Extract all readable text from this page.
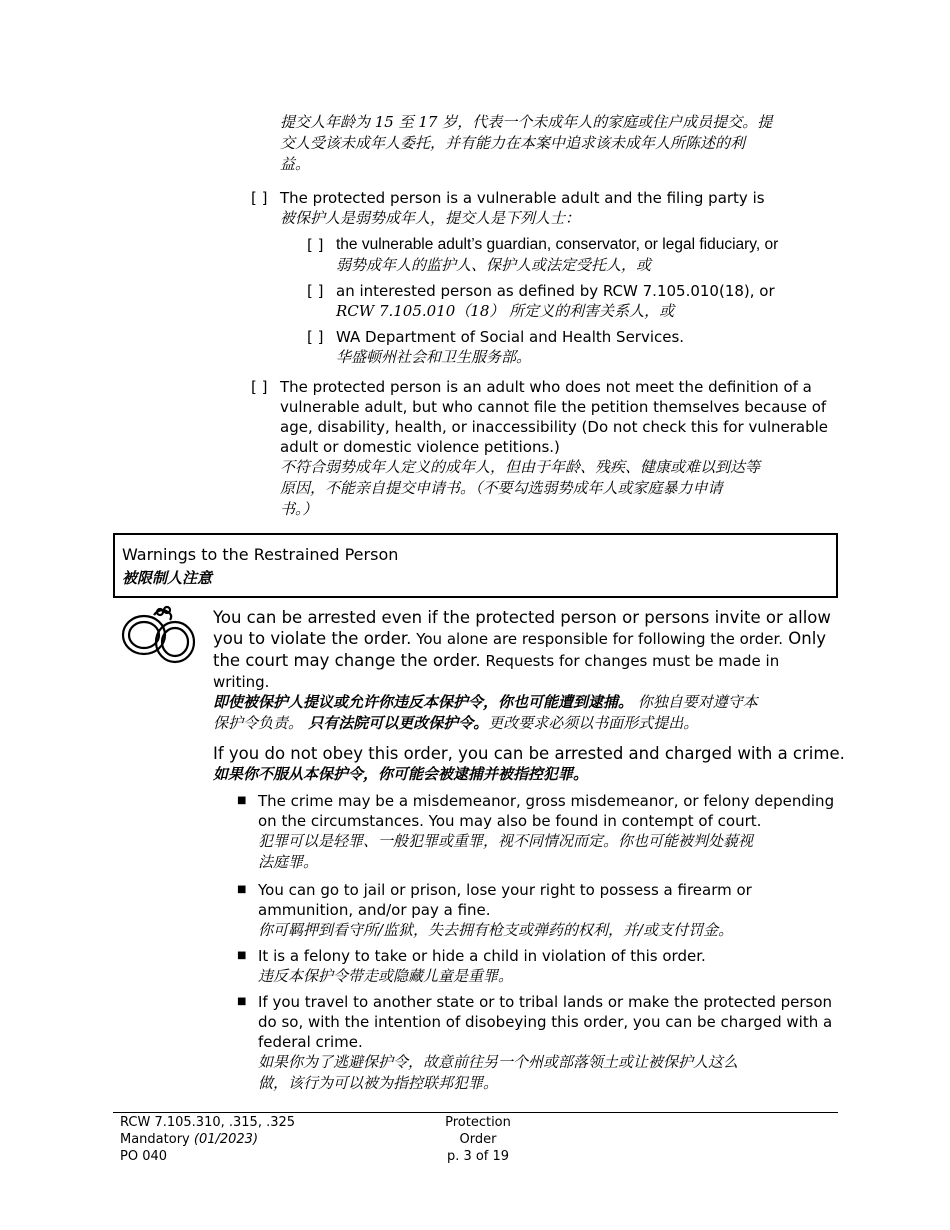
提交人年龄为 15 至 17 岁，代表一个未成年人的家庭或住户成员提交。提
交人受该未成年人委托，并有能力在本案中追求该未成年人所陈述的利
益。
[ ] The protected person is a vulnerable adult and the filing party is
被保护人是弱势成年人，提交人是下列人士：
[ ] the vulnerable adult’s guardian, conservator, or legal fiduciary, or
弱势成年人的监护人、保护人或法定受托人，或
[ ] an interested person as defined by RCW 7.105.010(18), or
RCW 7.105.010（18） 所定义的利害关系人，或
[ ] WA Department of Social and Health Services.
华盛顿州社会和卫生服务部。
[ ] The protected person is an adult who does not meet the definition of a
vulnerable adult, but who cannot file the petition themselves because of
age, disability, health, or inaccessibility (Do not check this for vulnerable
adult or domestic violence petitions.)
不符合弱势成年人定义的成年人，但由于年龄、残疾、健康或难以到达等
原因，不能亲自提交申请书。（不要勾选弱势成年人或家庭暴力申请
书。）
Warnings to the Restrained Person
被限制人注意
You can be arrested even if the protected person or persons invite or allow
you to violate the order. You alone are responsible for following the order. Only
the court may change the order. Requests for changes must be made in
writing.
即使被保护人提议或允许你违反本保护令，你也可能遭到逮捕。 你独自要对遵守本
保护令负责。 只有法院可以更改保护令。更改要求必须以书面形式提出。
If you do not obey this order, you can be arrested and charged with a crime.
如果你不服从本保护令，你可能会被逮捕并被指控犯罪。
■ The crime may be a misdemeanor, gross misdemeanor, or felony depending
on the circumstances. You may also be found in contempt of court.
犯罪可以是轻罪、一般犯罪或重罪，视不同情况而定。你也可能被判处藐视
法庭罪。
■ You can go to jail or prison, lose your right to possess a firearm or
ammunition, and/or pay a fine.
你可羁押到看守所/监狱，失去拥有枪支或弹药的权利，并/或支付罚金。
■ It is a felony to take or hide a child in violation of this order.
违反本保护令带走或隐藏儿童是重罪。
■ If you travel to another state or to tribal lands or make the protected person
do so, with the intention of disobeying this order, you can be charged with a
federal crime.
如果你为了逃避保护令，故意前往另一个州或部落领土或让被保护人这么
做，该行为可以被为指控联邦犯罪。
RCW 7.105.310, .315, .325
Mandatory (01/2023)
PO 040
Protection Order
p. 3 of 19
